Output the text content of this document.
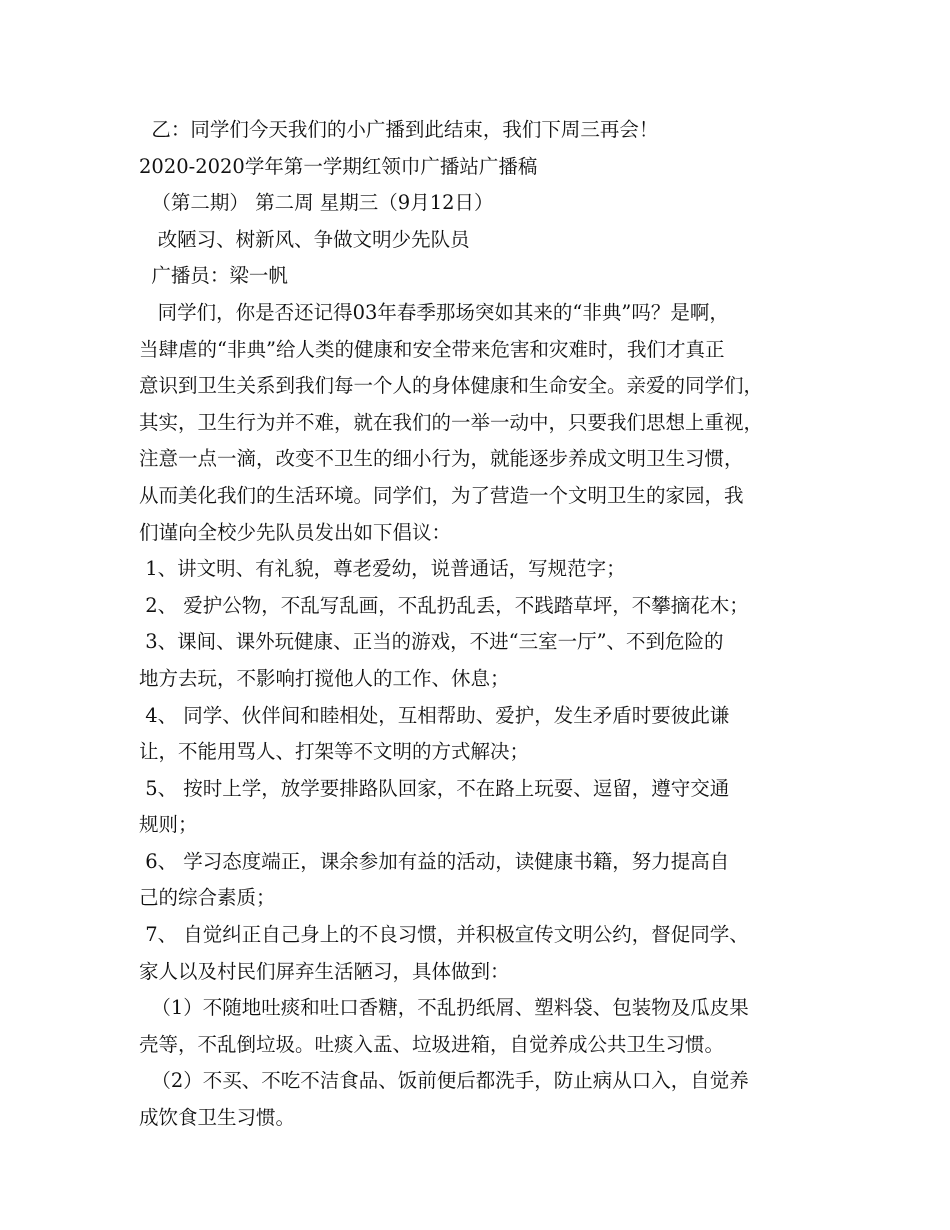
乙：同学们今天我们的小广播到此结束，我们下周三再会！
2020-2020学年第一学期红领巾广播站广播稿
（第二期） 第二周 星期三（9月12日）
改陋习、树新风、争做文明少先队员
广播员：梁一帆
同学们，你是否还记得03年春季那场突如其来的“非典”吗？是啊，
当肆虐的“非典”给人类的健康和安全带来危害和灾难时，我们才真正
意识到卫生关系到我们每一个人的身体健康和生命安全。亲爱的同学们，
其实，卫生行为并不难，就在我们的一举一动中，只要我们思想上重视，
注意一点一滴，改变不卫生的细小行为，就能逐步养成文明卫生习惯，
从而美化我们的生活环境。同学们，为了营造一个文明卫生的家园，我
们谨向全校少先队员发出如下倡议：
1、讲文明、有礼貌，尊老爱幼，说普通话，写规范字；
2、 爱护公物，不乱写乱画，不乱扔乱丢，不践踏草坪，不攀摘花木；
3、课间、课外玩健康、正当的游戏，不进“三室一厅”、不到危险的
地方去玩，不影响打搅他人的工作、休息；
4、 同学、伙伴间和睦相处，互相帮助、爱护，发生矛盾时要彼此谦
让，不能用骂人、打架等不文明的方式解决；
5、 按时上学，放学要排路队回家，不在路上玩耍、逗留，遵守交通
规则；
6、 学习态度端正，课余参加有益的活动，读健康书籍，努力提高自
己的综合素质；
7、 自觉纠正自己身上的不良习惯，并积极宣传文明公约，督促同学、
家人以及村民们屏弃生活陋习，具体做到：
（1）不随地吐痰和吐口香糖，不乱扔纸屑、塑料袋、包装物及瓜皮果
壳等，不乱倒垃圾。吐痰入盂、垃圾进箱，自觉养成公共卫生习惯。
（2）不买、不吃不洁食品、饭前便后都洗手，防止病从口入，自觉养
成饮食卫生习惯。
